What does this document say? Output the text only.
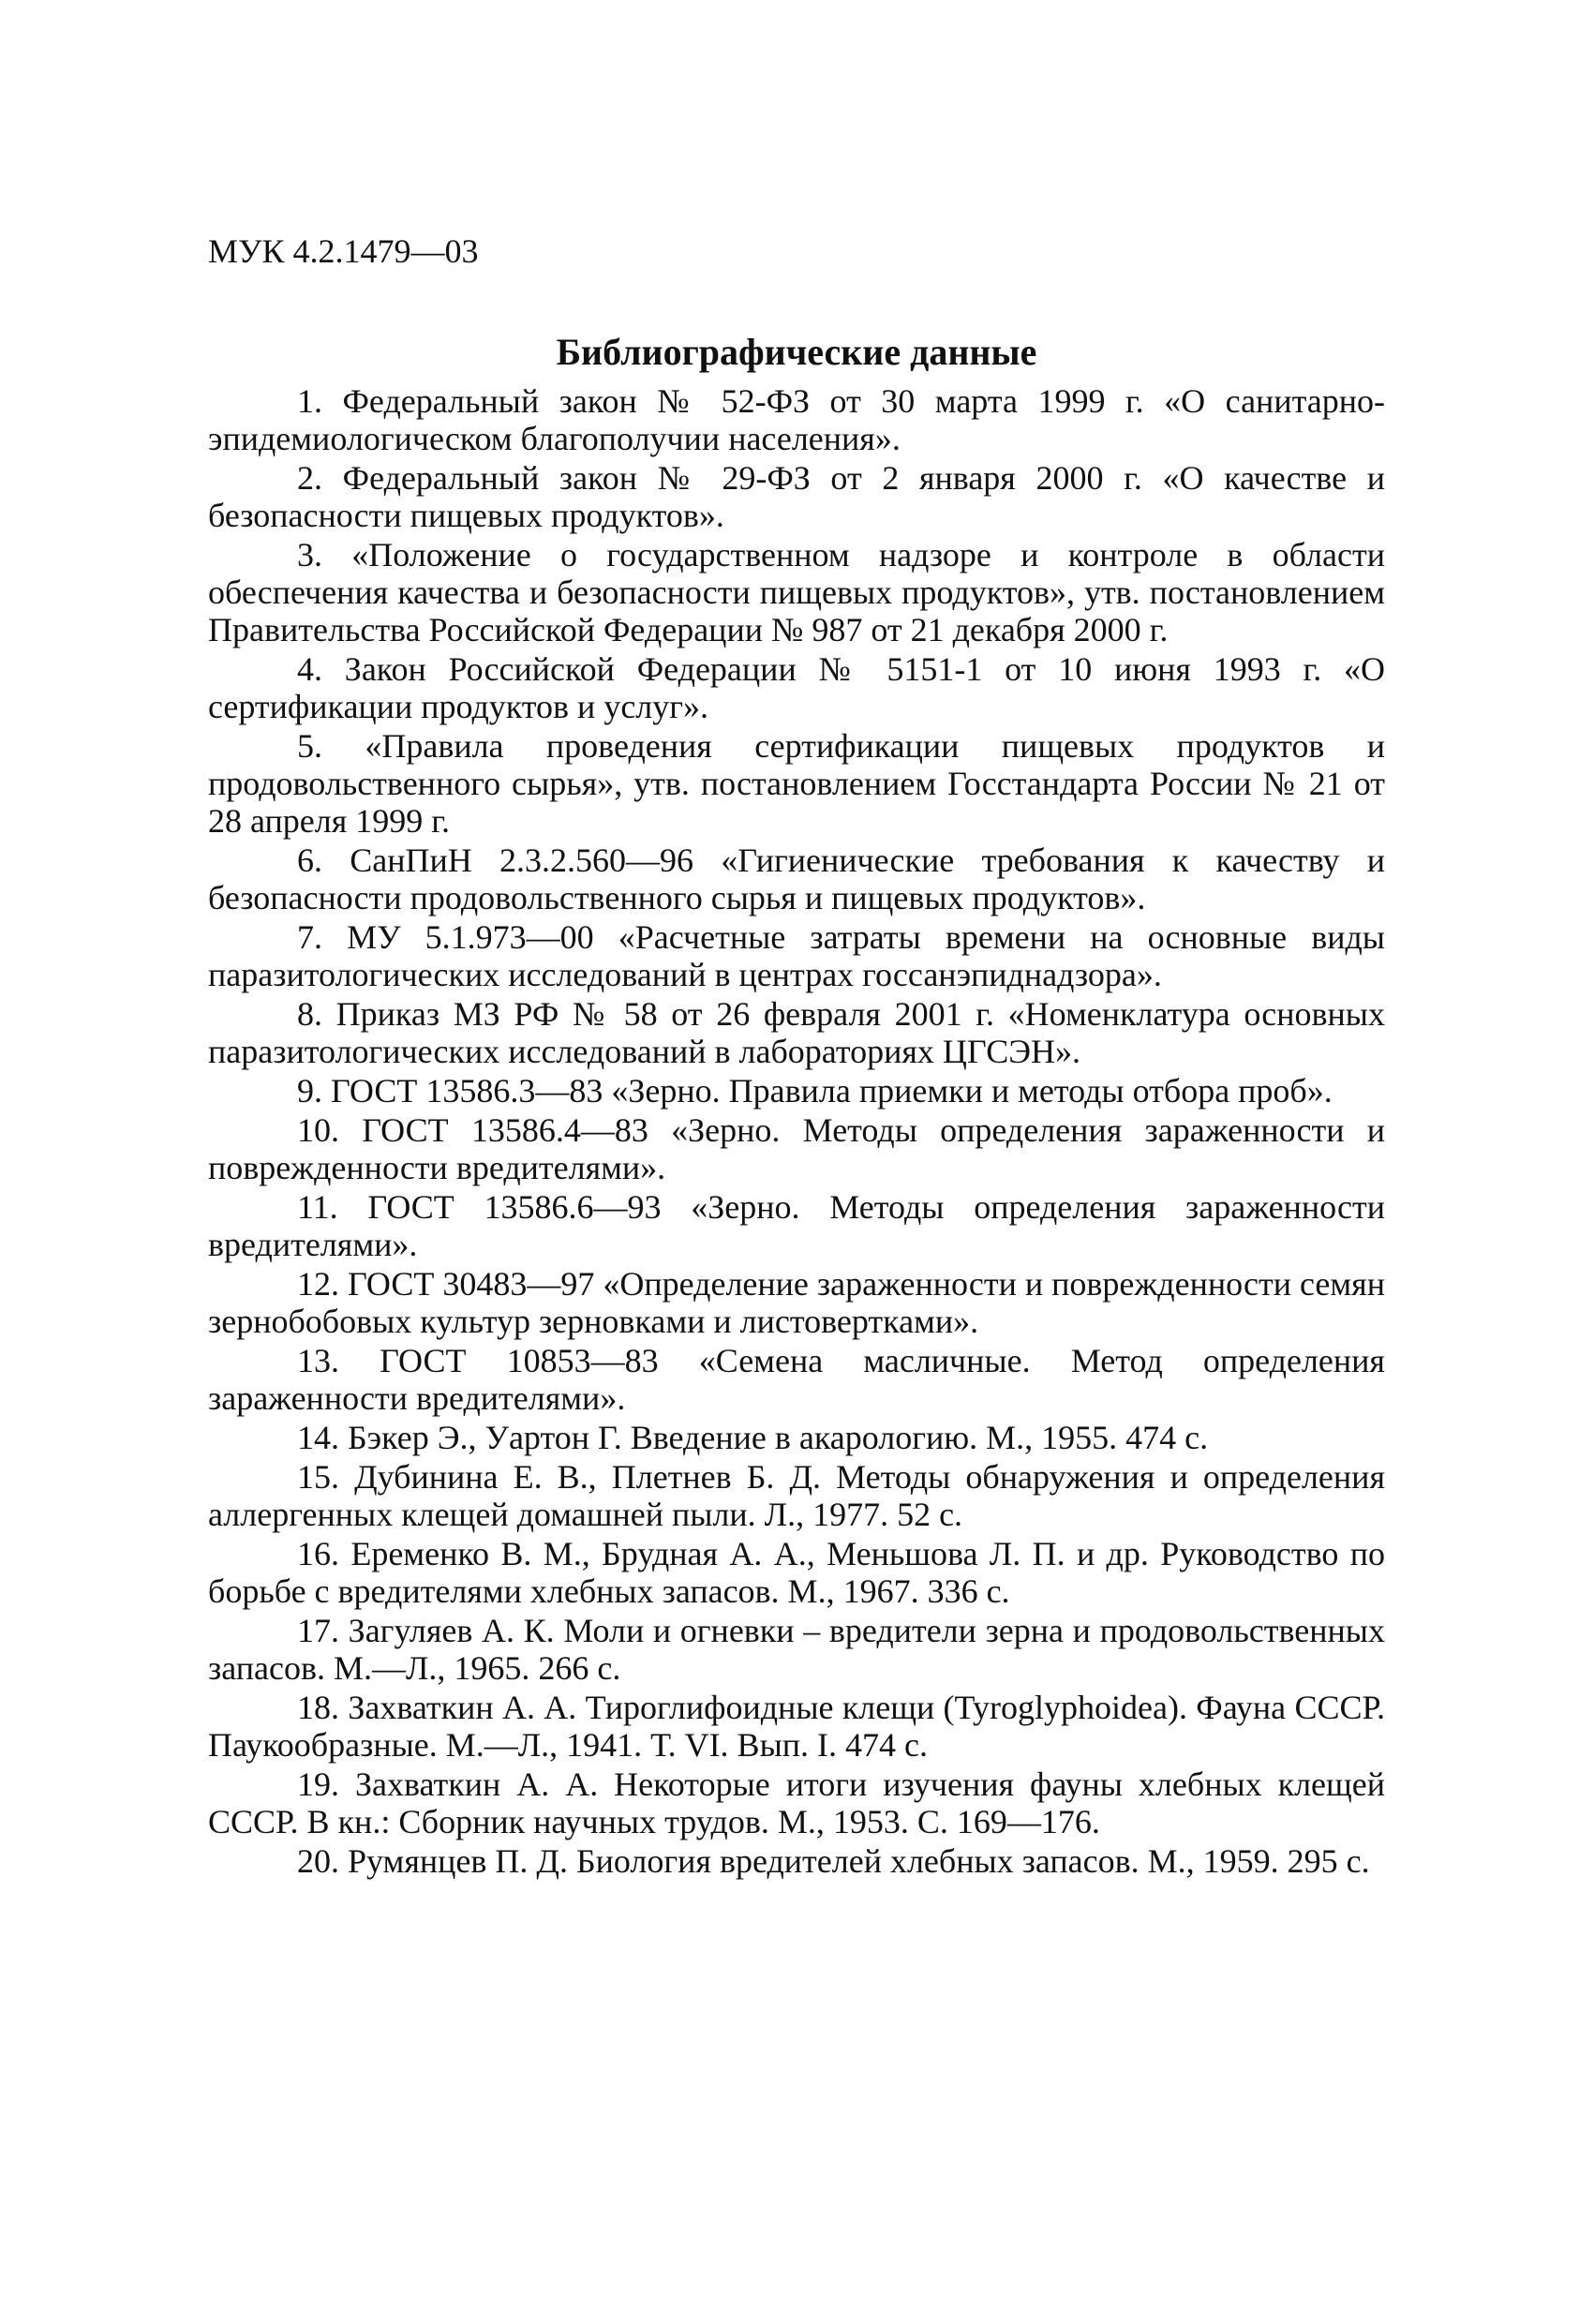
МУК 4.2.1479—03
Библиографические данные
1. Федеральный закон № 52-ФЗ от 30 марта 1999 г. «О санитарно-эпидемиологическом благополучии населения».
2. Федеральный закон № 29-ФЗ от 2 января 2000 г. «О качестве и безопасности пищевых продуктов».
3. «Положение о государственном надзоре и контроле в области обеспечения качества и безопасности пищевых продуктов», утв. постановлением Правительства Российской Федерации № 987 от 21 декабря 2000 г.
4. Закон Российской Федерации № 5151-1 от 10 июня 1993 г. «О сертификации продуктов и услуг».
5. «Правила проведения сертификации пищевых продуктов и продовольственного сырья», утв. постановлением Госстандарта России № 21 от 28 апреля 1999 г.
6. СанПиН 2.3.2.560—96 «Гигиенические требования к качеству и безопасности продовольственного сырья и пищевых продуктов».
7. МУ 5.1.973—00 «Расчетные затраты времени на основные виды паразитологических исследований в центрах госсанэпиднадзора».
8. Приказ МЗ РФ № 58 от 26 февраля 2001 г. «Номенклатура основных паразитологических исследований в лабораториях ЦГСЭН».
9. ГОСТ 13586.3—83 «Зерно. Правила приемки и методы отбора проб».
10. ГОСТ 13586.4—83 «Зерно. Методы определения зараженности и поврежденности вредителями».
11. ГОСТ 13586.6—93 «Зерно. Методы определения зараженности вредителями».
12. ГОСТ 30483—97 «Определение зараженности и поврежденности семян зернобобовых культур зерновками и листовертками».
13. ГОСТ 10853—83 «Семена масличные. Метод определения зараженности вредителями».
14. Бэкер Э., Уартон Г. Введение в акарологию. М., 1955. 474 с.
15. Дубинина Е. В., Плетнев Б. Д. Методы обнаружения и определения аллергенных клещей домашней пыли. Л., 1977. 52 с.
16. Еременко В. М., Брудная А. А., Меньшова Л. П. и др. Руководство по борьбе с вредителями хлебных запасов. М., 1967. 336 с.
17. Загуляев А. К. Моли и огневки – вредители зерна и продовольственных запасов. М.—Л., 1965. 266 с.
18. Захваткин А. А. Тироглифоидные клещи (Tyroglyphoidea). Фауна СССР. Паукообразные. М.—Л., 1941. Т. VI. Вып. I. 474 с.
19. Захваткин А. А. Некоторые итоги изучения фауны хлебных клещей СССР. В кн.: Сборник научных трудов. М., 1953. С. 169—176.
20. Румянцев П. Д. Биология вредителей хлебных запасов. М., 1959. 295 с.
